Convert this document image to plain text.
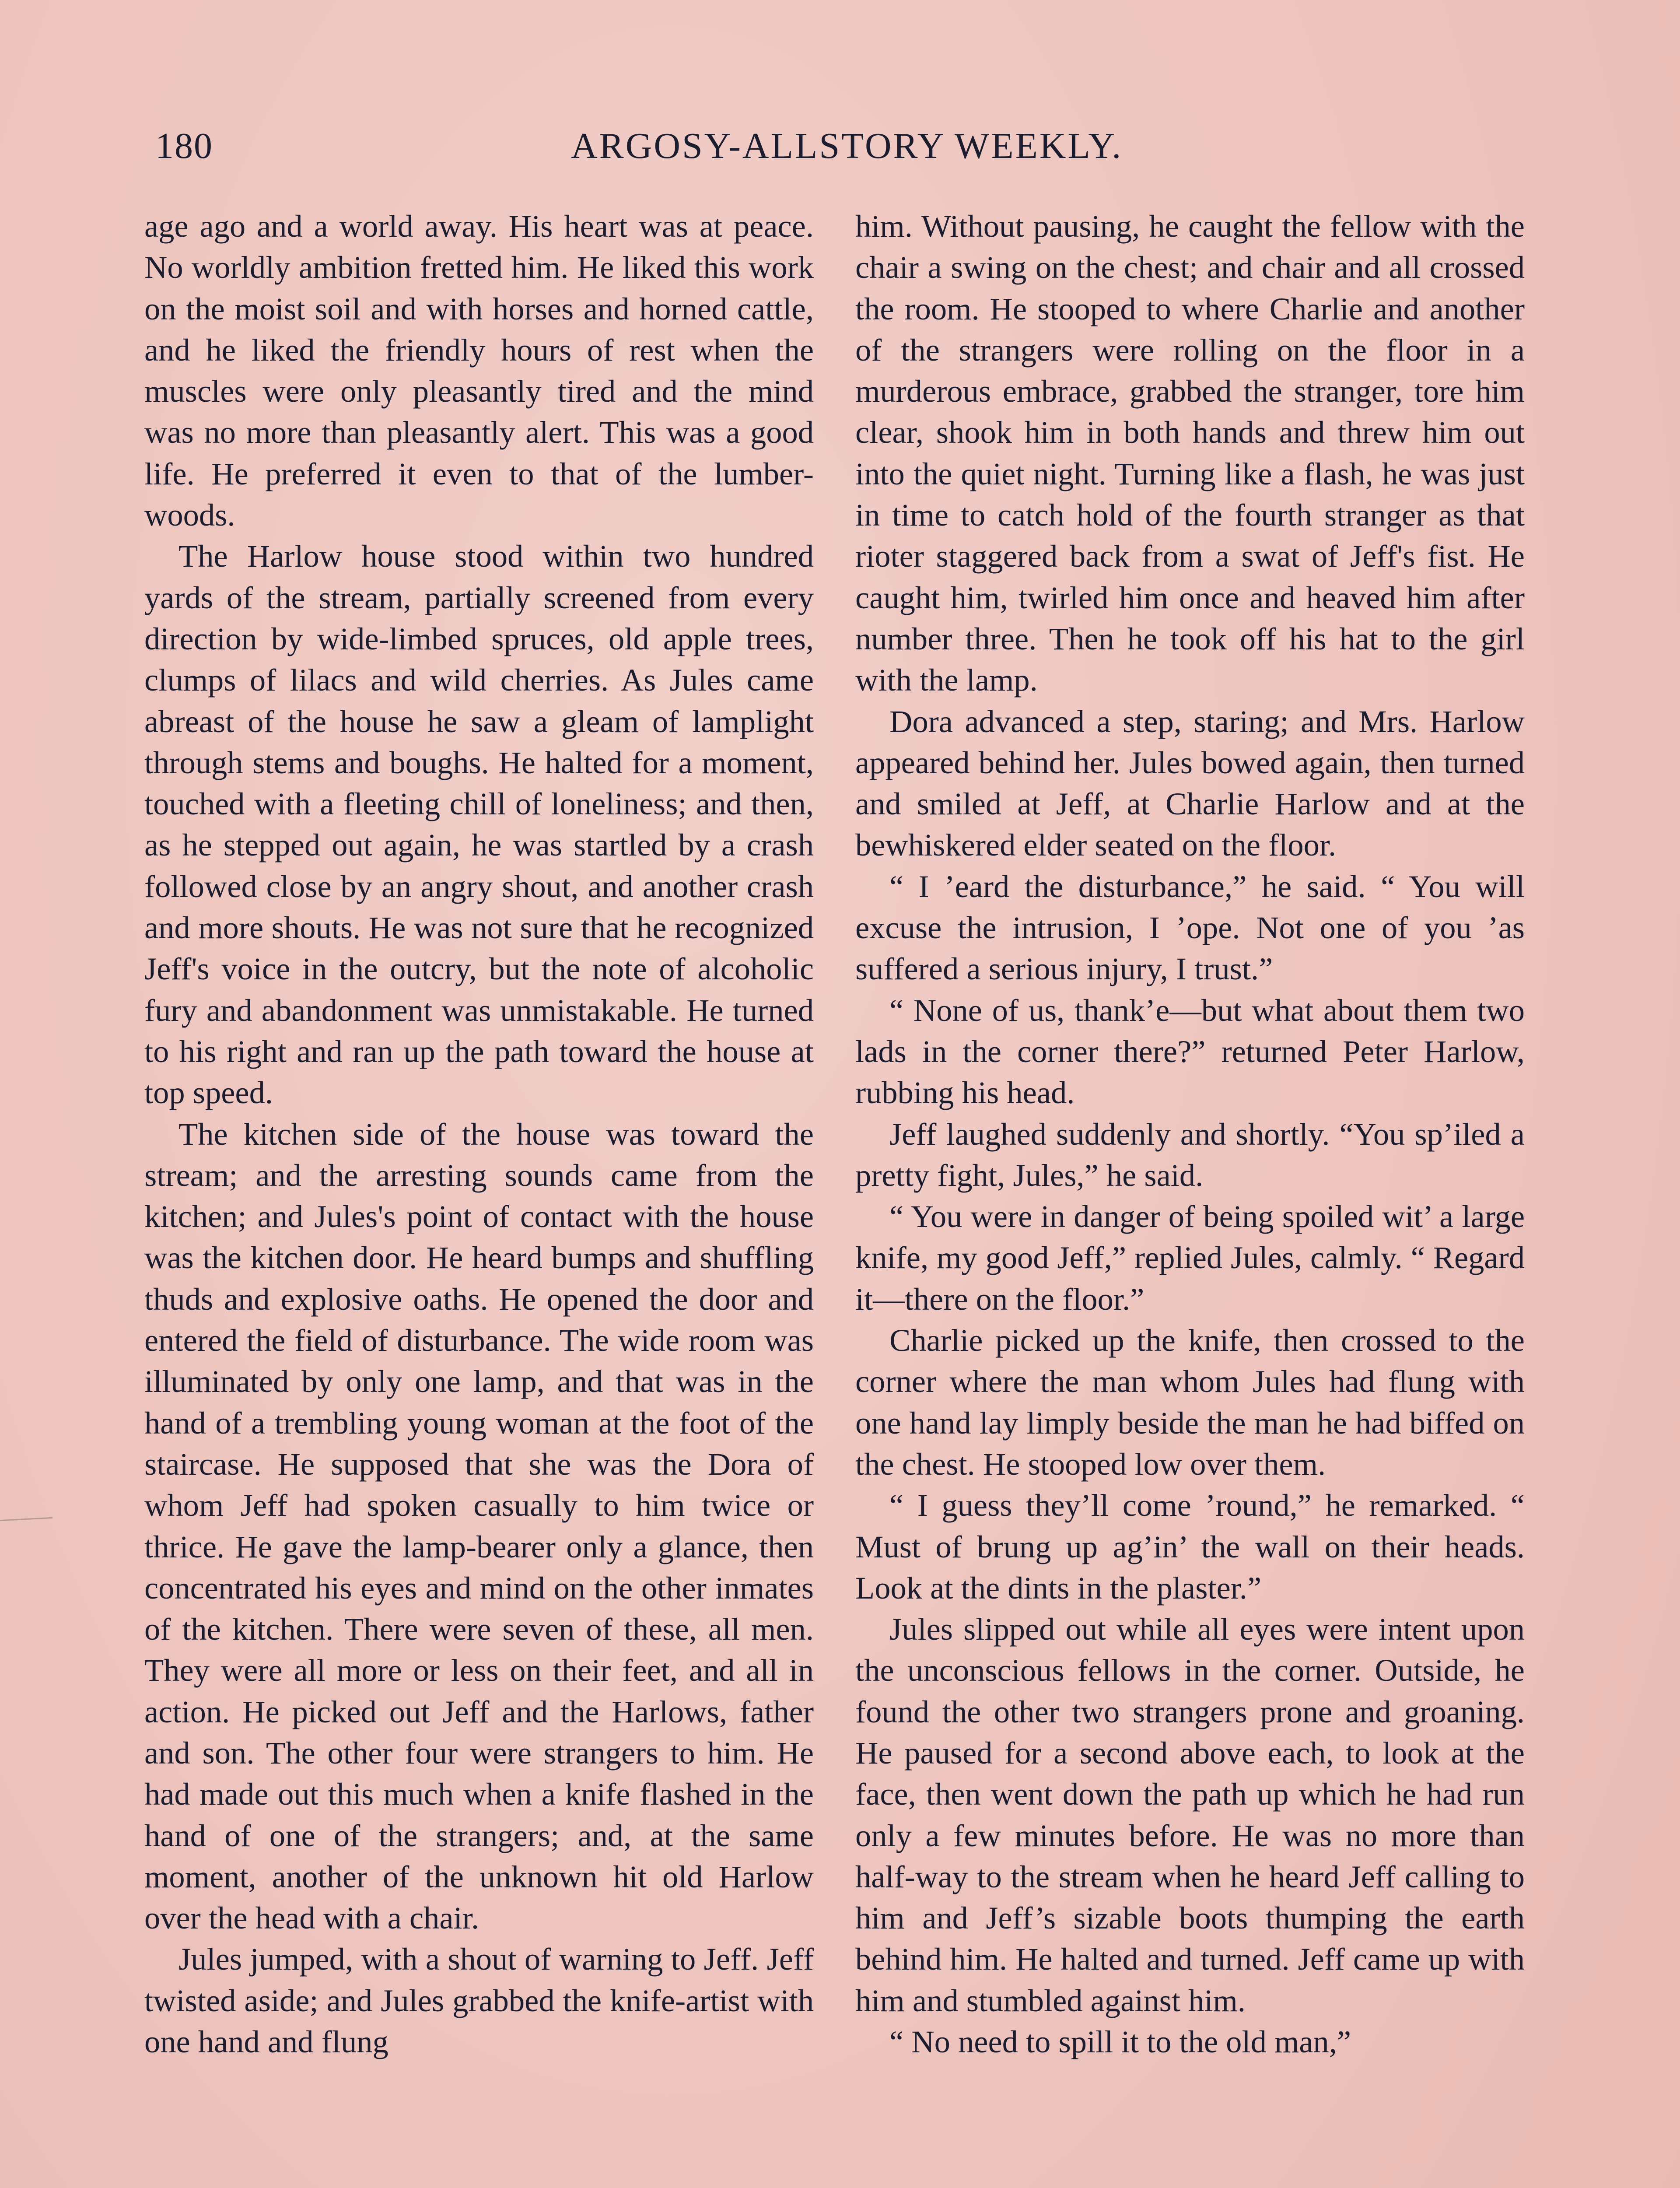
180	ARGOSY-ALLSTORY WEEKLY.

age ago and a world away. His heart was at peace. No worldly ambition fretted him. He liked this work on the moist soil and with horses and horned cattle, and he liked the friendly hours of rest when the muscles were only pleasantly tired and the mind was no more than pleasantly alert. This was a good life. He preferred it even to that of the lumber-woods.

The Harlow house stood within two hundred yards of the stream, partially screened from every direction by wide-limbed spruces, old apple trees, clumps of lilacs and wild cherries. As Jules came abreast of the house he saw a gleam of lamplight through stems and boughs. He halted for a moment, touched with a fleeting chill of loneliness; and then, as he stepped out again, he was startled by a crash followed close by an angry shout, and another crash and more shouts. He was not sure that he recognized Jeff's voice in the outcry, but the note of alcoholic fury and abandonment was unmistakable. He turned to his right and ran up the path toward the house at top speed.

The kitchen side of the house was toward the stream; and the arresting sounds came from the kitchen; and Jules's point of contact with the house was the kitchen door. He heard bumps and shuffling thuds and explosive oaths. He opened the door and entered the field of disturbance. The wide room was illuminated by only one lamp, and that was in the hand of a trembling young woman at the foot of the staircase. He supposed that she was the Dora of whom Jeff had spoken casually to him twice or thrice. He gave the lamp-bearer only a glance, then concentrated his eyes and mind on the other inmates of the kitchen. There were seven of these, all men. They were all more or less on their feet, and all in action. He picked out Jeff and the Harlows, father and son. The other four were strangers to him. He had made out this much when a knife flashed in the hand of one of the strangers; and, at the same moment, another of the unknown hit old Harlow over the head with a chair.

Jules jumped, with a shout of warning to Jeff. Jeff twisted aside; and Jules grabbed the knife-artist with one hand and flung

him. Without pausing, he caught the fellow with the chair a swing on the chest; and chair and all crossed the room. He stooped to where Charlie and another of the strangers were rolling on the floor in a murderous embrace, grabbed the stranger, tore him clear, shook him in both hands and threw him out into the quiet night. Turning like a flash, he was just in time to catch hold of the fourth stranger as that rioter staggered back from a swat of Jeff's fist. He caught him, twirled him once and heaved him after number three. Then he took off his hat to the girl with the lamp.

Dora advanced a step, staring; and Mrs. Harlow appeared behind her. Jules bowed again, then turned and smiled at Jeff, at Charlie Harlow and at the bewhiskered elder seated on the floor.

“ I ’eard the disturbance,” he said. “ You will excuse the intrusion, I ’ope. Not one of you ’as suffered a serious injury, I trust.”

“ None of us, thank’e—but what about them two lads in the corner there?” returned Peter Harlow, rubbing his head.

Jeff laughed suddenly and shortly. “You sp’iled a pretty fight, Jules,” he said.

“ You were in danger of being spoiled wit’ a large knife, my good Jeff,” replied Jules, calmly. “ Regard it—there on the floor.”

Charlie picked up the knife, then crossed to the corner where the man whom Jules had flung with one hand lay limply beside the man he had biffed on the chest. He stooped low over them.

“ I guess they’ll come ’round,” he remarked. “ Must of brung up ag’in’ the wall on their heads. Look at the dints in the plaster.”

Jules slipped out while all eyes were intent upon the unconscious fellows in the corner. Outside, he found the other two strangers prone and groaning. He paused for a second above each, to look at the face, then went down the path up which he had run only a few minutes before. He was no more than half-way to the stream when he heard Jeff calling to him and Jeff’s sizable boots thumping the earth behind him. He halted and turned. Jeff came up with him and stumbled against him.

“ No need to spill it to the old man,”
